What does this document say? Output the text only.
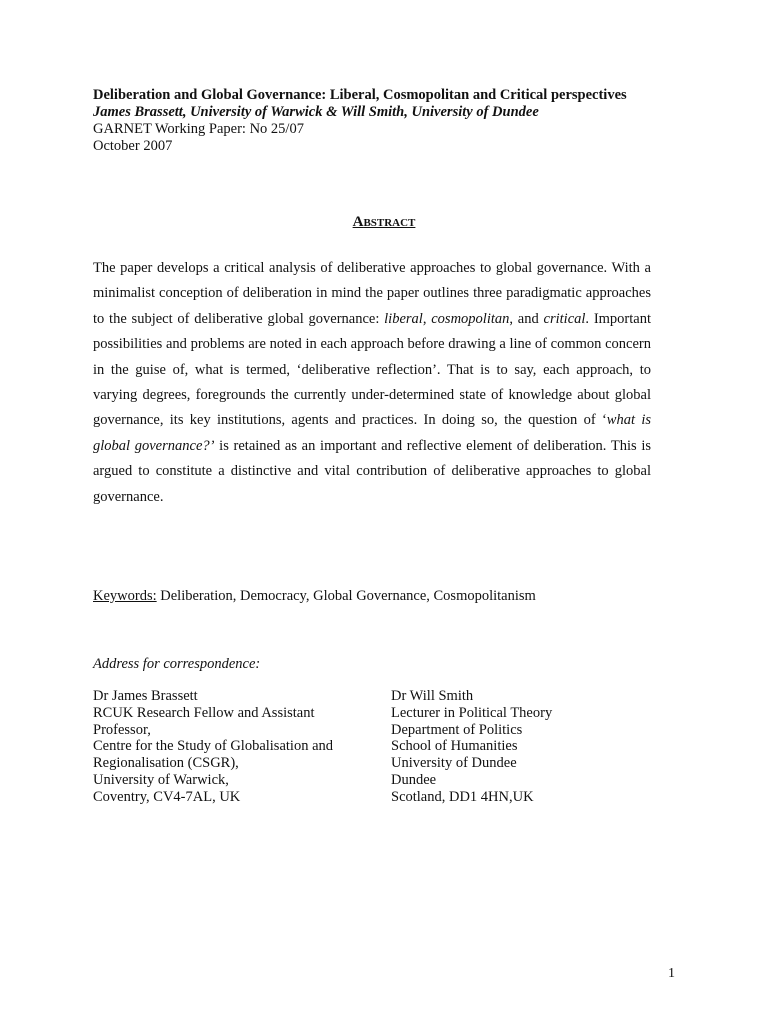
Deliberation and Global Governance: Liberal, Cosmopolitan and Critical perspectives
James Brassett, University of Warwick & Will Smith, University of Dundee
GARNET Working Paper: No 25/07
October 2007
ABSTRACT
The paper develops a critical analysis of deliberative approaches to global governance. With a minimalist conception of deliberation in mind the paper outlines three paradigmatic approaches to the subject of deliberative global governance: liberal, cosmopolitan, and critical. Important possibilities and problems are noted in each approach before drawing a line of common concern in the guise of, what is termed, ‘deliberative reflection’. That is to say, each approach, to varying degrees, foregrounds the currently under-determined state of knowledge about global governance, its key institutions, agents and practices. In doing so, the question of ‘what is global governance?’ is retained as an important and reflective element of deliberation. This is argued to constitute a distinctive and vital contribution of deliberative approaches to global governance.
Keywords: Deliberation, Democracy, Global Governance, Cosmopolitanism
Address for correspondence:
Dr James Brassett
RCUK Research Fellow and Assistant
Professor,
Centre for the Study of Globalisation and
Regionalisation (CSGR),
University of Warwick,
Coventry, CV4-7AL, UK
Dr Will Smith
Lecturer in Political Theory
Department of Politics
School of Humanities
University of Dundee
Dundee
Scotland, DD1 4HN,UK
1
